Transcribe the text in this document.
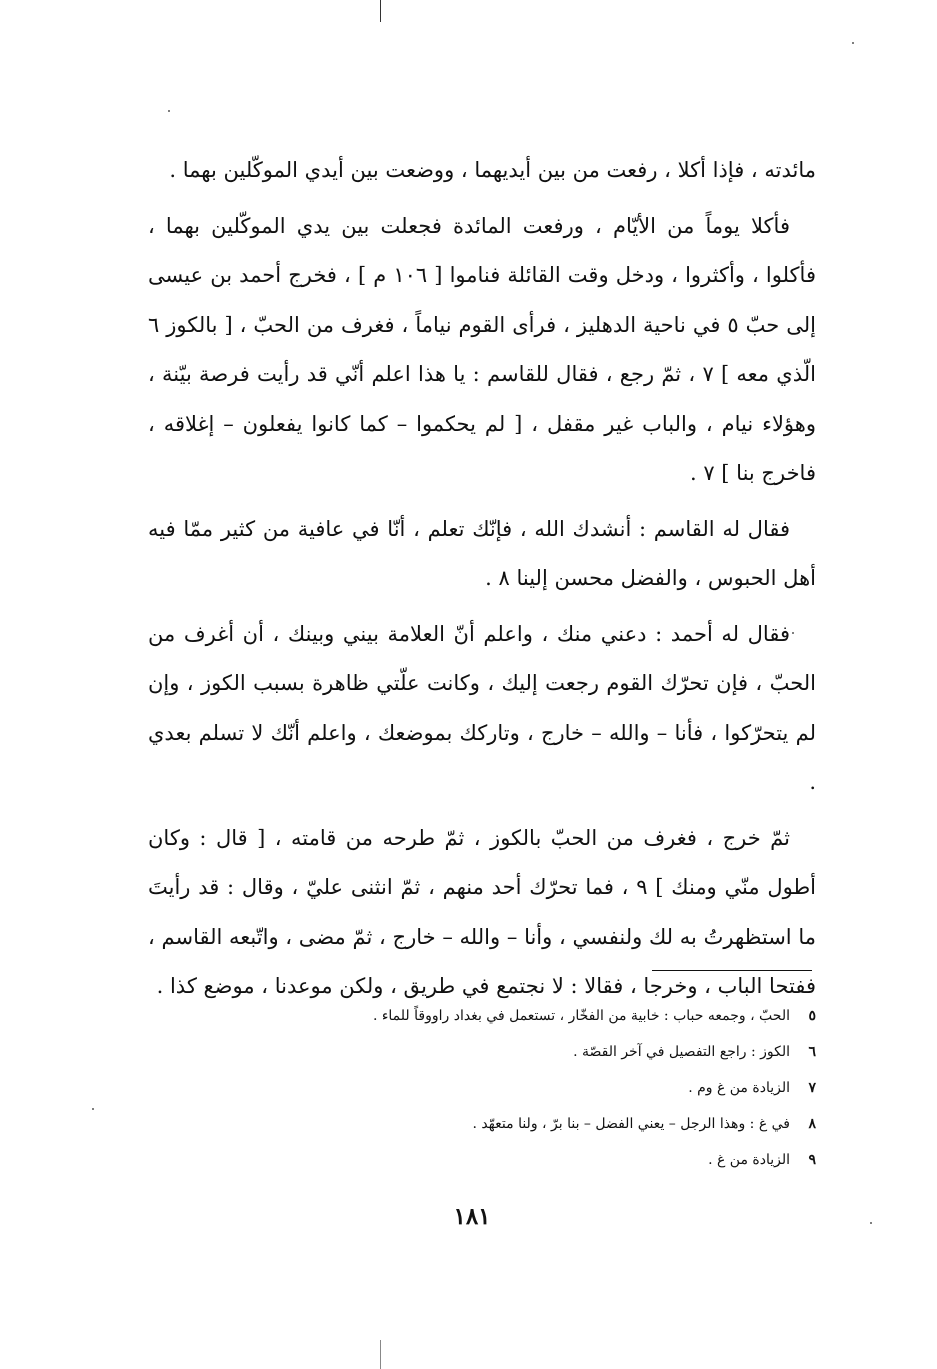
مائدته ، فإذا أكلا ، رفعت من بين أيديهما ، ووضعت بين أيدي الموكّلين بهما .

فأكلا يوماً من الأيّام ، ورفعت المائدة فجعلت بين يدي الموكّلين بهما ، فأكلوا ، وأكثروا ، ودخل وقت القائلة فناموا [ ١٠٦ م ] ، فخرج أحمد بن عيسى إلى حبّ ٥ في ناحية الدهليز ، فرأى القوم نياماً ، فغرف من الحبّ ، [ بالكوز ٦ الّذي معه ] ٧ ، ثمّ رجع ، فقال للقاسم : يا هذا اعلم أنّي قد رأيت فرصة بيّنة ، وهؤلاء نيام ، والباب غير مقفل ، [ لم يحكموا – كما كانوا يفعلون – إغلاقه ، فاخرج بنا ] ٧ .

فقال له القاسم : أنشدك الله ، فإنّك تعلم ، أنّا في عافية من كثير ممّا فيه أهل الحبوس ، والفضل محسن إلينا ٨ .

فقال له أحمد : دعني منك ، واعلم أنّ العلامة بيني وبينك ، أن أغرف من الحبّ ، فإن تحرّك القوم رجعت إليك ، وكانت علّتي ظاهرة بسبب الكوز ، وإن لم يتحرّكوا ، فأنا – والله – خارج ، وتاركك بموضعك ، واعلم أنّك لا تسلم بعدي .

ثمّ خرج ، فغرف من الحبّ بالكوز ، ثمّ طرحه من قامته ، [ قال : وكان أطول منّي ومنك ] ٩ ، فما تحرّك أحد منهم ، ثمّ انثنى عليّ ، وقال : قد رأيتَ ما استظهرتُ به لك ولنفسي ، وأنا – والله – خارج ، ثمّ مضى ، واتّبعه القاسم ، ففتحا الباب ، وخرجا ، فقالا : لا نجتمع في طريق ، ولكن موعدنا ، موضع كذا .

٥الحبّ ، وجمعه حباب : خابية من الفخّار ، تستعمل في بغداد راووقاً للماء .
٦الكوز : راجع التفصيل في آخر القصّة .
٧الزيادة من غ وم .
٨في غ : وهذا الرجل – يعني الفضل – بنا برّ ، ولنا متعهّد .
٩الزيادة من غ .
١٨١
